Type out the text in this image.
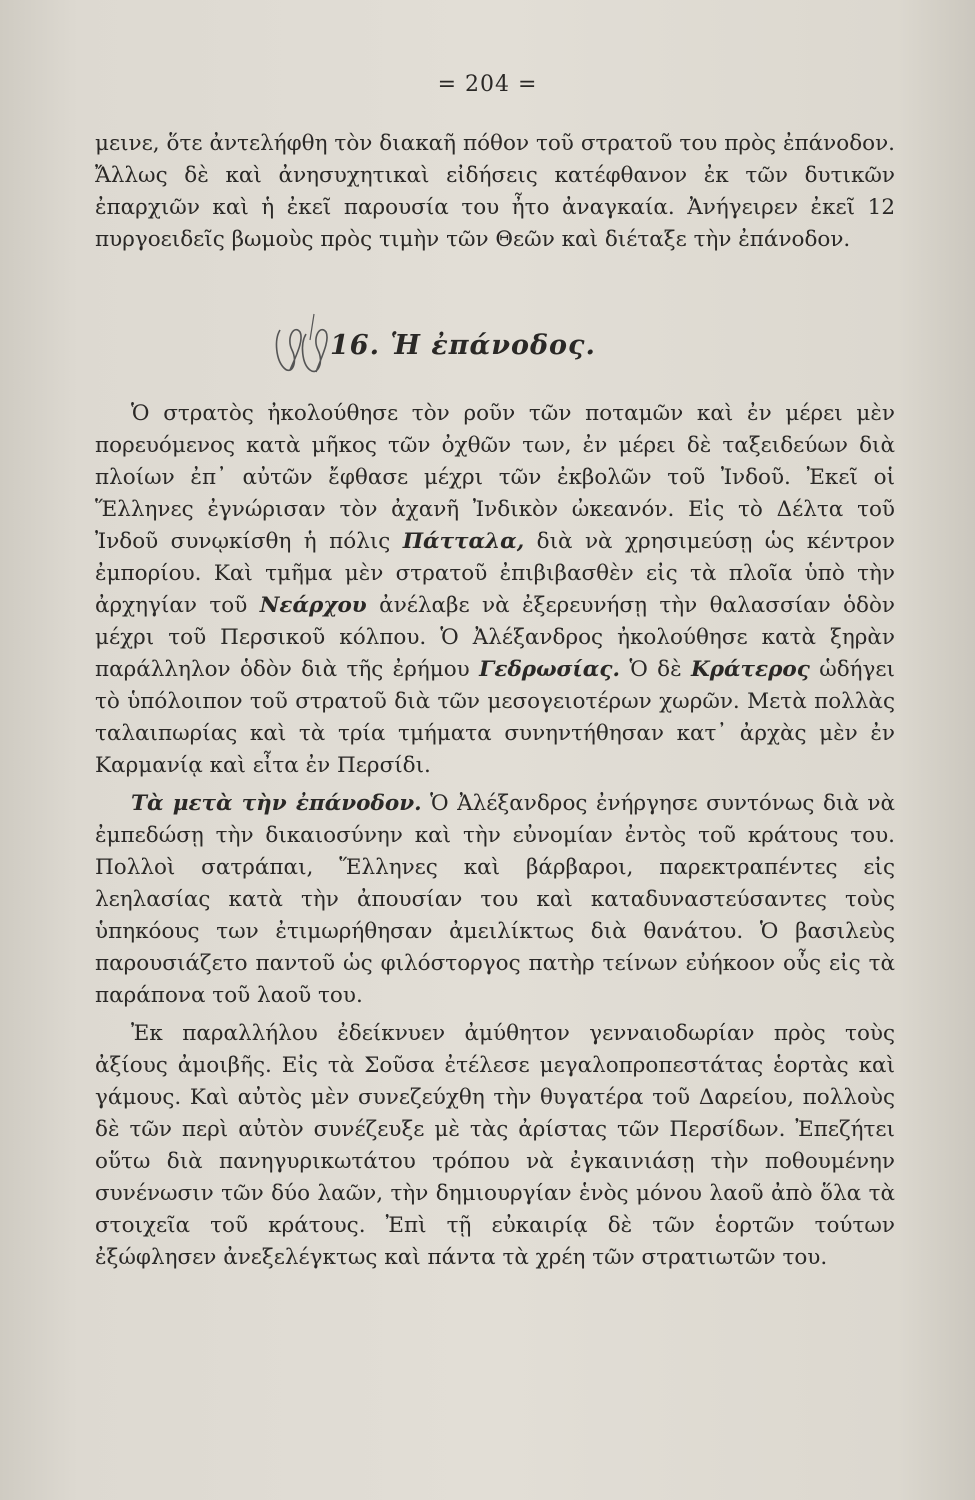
= 204 =

μεινε, ὅτε ἀντελήφθη τὸν διακαῆ πόθον τοῦ στρατοῦ του πρὸς ἐπάνοδον. Ἄλλως δὲ καὶ ἀνησυχητικαὶ εἰδήσεις κατέφθανον ἐκ τῶν δυτικῶν ἐπαρχιῶν καὶ ἡ ἐκεῖ παρουσία του ἦτο ἀναγκαία. Ἀνήγειρεν ἐκεῖ 12 πυργοειδεῖς βωμοὺς πρὸς τιμὴν τῶν Θεῶν καὶ διέταξε τὴν ἐπάνοδον.

16. Ἡ ἐπάνοδος.

Ὁ στρατὸς ἠκολούθησε τὸν ροῦν τῶν ποταμῶν καὶ ἐν μέρει μὲν πορευόμενος κατὰ μῆκος τῶν ὀχθῶν των, ἐν μέρει δὲ ταξειδεύων διὰ πλοίων ἐπ᾽ αὐτῶν ἔφθασε μέχρι τῶν ἐκβολῶν τοῦ Ἰνδοῦ. Ἐκεῖ οἱ Ἕλληνες ἐγνώρισαν τὸν ἀχανῆ Ἰνδικὸν ὠκεανόν. Εἰς τὸ Δέλτα τοῦ Ἰνδοῦ συνῳκίσθη ἡ πόλις Πάτταλα, διὰ νὰ χρησιμεύσῃ ὡς κέντρον ἐμπορίου. Καὶ τμῆμα μὲν στρατοῦ ἐπιβιβασθὲν εἰς τὰ πλοῖα ὑπὸ τὴν ἀρχηγίαν τοῦ Νεάρχου ἀνέλαβε νὰ ἐξερευνήσῃ τὴν θαλασσίαν ὁδὸν μέχρι τοῦ Περσικοῦ κόλπου. Ὁ Ἀλέξανδρος ἠκολούθησε κατὰ ξηρὰν παράλληλον ὁδὸν διὰ τῆς ἐρήμου Γεδρωσίας. Ὁ δὲ Κράτερος ὡδήγει τὸ ὑπόλοιπον τοῦ στρατοῦ διὰ τῶν μεσογειοτέρων χωρῶν. Μετὰ πολλὰς ταλαιπωρίας καὶ τὰ τρία τμήματα συνηντήθησαν κατ᾽ ἀρχὰς μὲν ἐν Καρμανίᾳ καὶ εἶτα ἐν Περσίδι.

Τὰ μετὰ τὴν ἐπάνοδον. Ὁ Ἀλέξανδρος ἐνήργησε συντόνως διὰ νὰ ἐμπεδώσῃ τὴν δικαιοσύνην καὶ τὴν εὐνομίαν ἐντὸς τοῦ κράτους του. Πολλοὶ σατράπαι, Ἕλληνες καὶ βάρβαροι, παρεκτραπέντες εἰς λεηλασίας κατὰ τὴν ἀπουσίαν του καὶ καταδυναστεύσαντες τοὺς ὑπηκόους των ἐτιμωρήθησαν ἀμειλίκτως διὰ θανάτου. Ὁ βασιλεὺς παρουσιάζετο παντοῦ ὡς φιλόστοργος πατὴρ τείνων εὐήκοον οὖς εἰς τὰ παράπονα τοῦ λαοῦ του.

Ἐκ παραλλήλου ἐδείκνυεν ἀμύθητον γενναιοδωρίαν πρὸς τοὺς ἀξίους ἀμοιβῆς. Εἰς τὰ Σοῦσα ἐτέλεσε μεγαλοπροπεστάτας ἑορτὰς καὶ γάμους. Καὶ αὐτὸς μὲν συνεζεύχθη τὴν θυγατέρα τοῦ Δαρείου, πολλοὺς δὲ τῶν περὶ αὐτὸν συνέζευξε μὲ τὰς ἀρίστας τῶν Περσίδων. Ἐπεζήτει οὕτω διὰ πανηγυρικωτάτου τρόπου νὰ ἐγκαινιάσῃ τὴν ποθουμένην συνένωσιν τῶν δύο λαῶν, τὴν δημιουργίαν ἑνὸς μόνου λαοῦ ἀπὸ ὅλα τὰ στοιχεῖα τοῦ κράτους. Ἐπὶ τῇ εὐκαιρίᾳ δὲ τῶν ἑορτῶν τούτων ἐξώφλησεν ἀνεξελέγκτως καὶ πάντα τὰ χρέη τῶν στρατιωτῶν του.
